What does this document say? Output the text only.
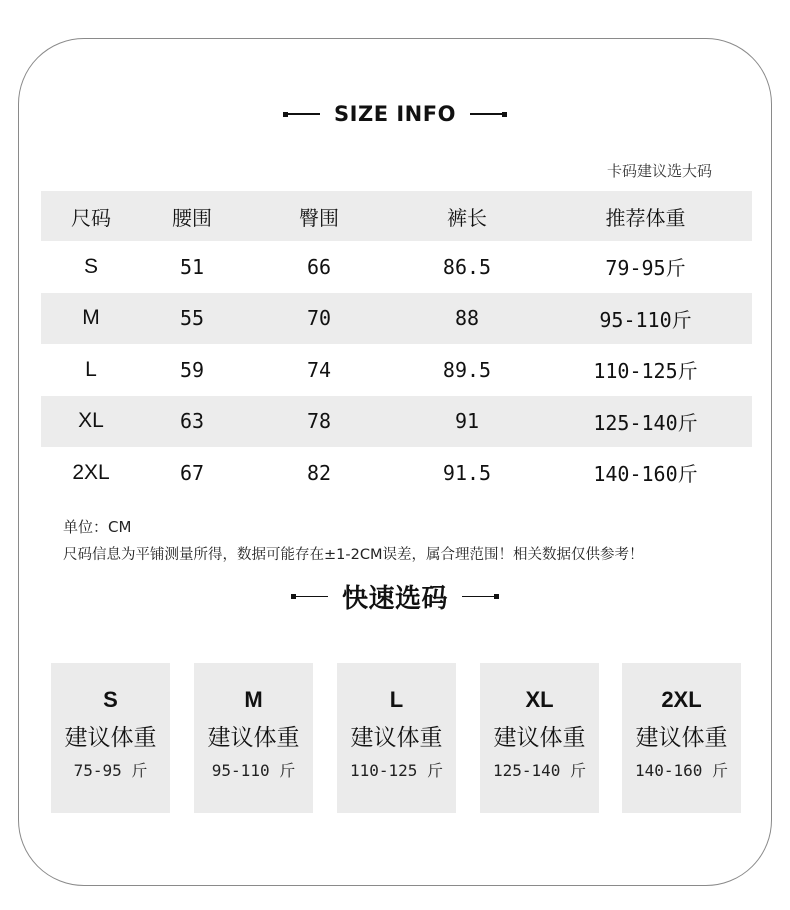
SIZE INFO
卡码建议选大码
尺码	腰围	臀围	裤长	推荐体重
S	51	66	86.5	79-95斤
M	55	70	88	95-110斤
L	59	74	89.5	110-125斤
XL	63	78	91	125-140斤
2XL	67	82	91.5	140-160斤
单位：CM
尺码信息为平铺测量所得，数据可能存在±1-2CM误差，属合理范围！相关数据仅供参考！
快速选码
S
建议体重
75-95 斤
M
建议体重
95-110 斤
L
建议体重
110-125 斤
XL
建议体重
125-140 斤
2XL
建议体重
140-160 斤
